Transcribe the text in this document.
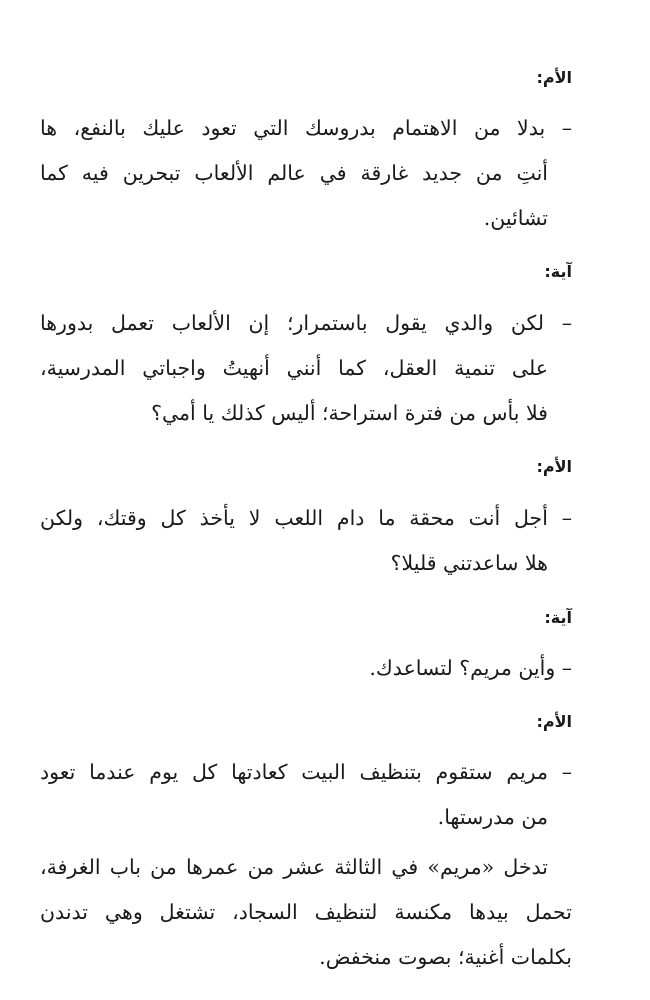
الأم:
– بدلا من الاهتمام بدروسك التي تعود عليك بالنفع، ها
أنتِ من جديد غارقة في عالم الألعاب تبحرين فيه كما
تشائين.
آية:
– لكن والدي يقول باستمرار؛ إن الألعاب تعمل بدورها
على تنمية العقل، كما أنني أنهيتُ واجباتي المدرسية،
فلا بأس من فترة استراحة؛ أليس كذلك يا أمي؟
الأم:
– أجل أنت محقة ما دام اللعب لا يأخذ كل وقتك، ولكن
هلا ساعدتني قليلا؟
آية:
– وأين مريم؟ لتساعدك.
الأم:
– مريم ستقوم بتنظيف البيت كعادتها كل يوم عندما تعود
من مدرستها.
تدخل «مريم» في الثالثة عشر من عمرها من باب الغرفة،
تحمل بيدها مكنسة لتنظيف السجاد، تشتغل وهي تدندن
بكلمات أغنية؛ بصوت منخفض.
